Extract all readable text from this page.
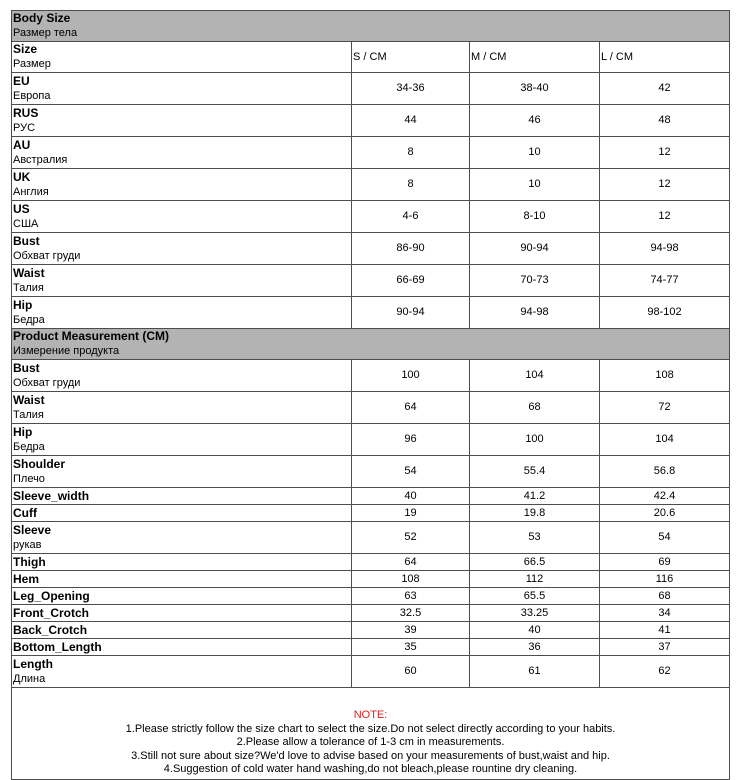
Body Size
Размер тела			

Size
Размер	S / CM	M / CM	L / CM

EU
Европа	34-36	38-40	42

RUS
РУС	44	46	48

AU
Австралия	8	10	12

UK
Англия	8	10	12

US
США	4-6	8-10	12

Bust
Обхват груди	86-90	90-94	94-98

Waist
Талия	66-69	70-73	74-77

Hip
Бедра	90-94	94-98	98-102

Product Measurement (CM)
Измерение продукта			

Bust
Обхват груди	100	104	108

Waist
Талия	64	68	72

Hip
Бедра	96	100	104

Shoulder
Плечо	54	55.4	56.8

Sleeve_width	40	41.2	42.4

Cuff	19	19.8	20.6

Sleeve
рукав	52	53	54

Thigh	64	66.5	69

Hem	108	112	116

Leg_Opening	63	65.5	68

Front_Crotch	32.5	33.25	34

Back_Crotch	39	40	41

Bottom_Length	35	36	37

Length
Длина	60	61	62

NOTE:
1.Please strictly follow the size chart to select the size.Do not select directly according to your habits.
2.Please allow a tolerance of 1-3 cm in measurements.
3.Still not sure about size?We'd love to advise based on your measurements of bust,waist and hip.
4.Suggestion of cold water hand washing,do not bleach,please rountine dry cleaning.			
